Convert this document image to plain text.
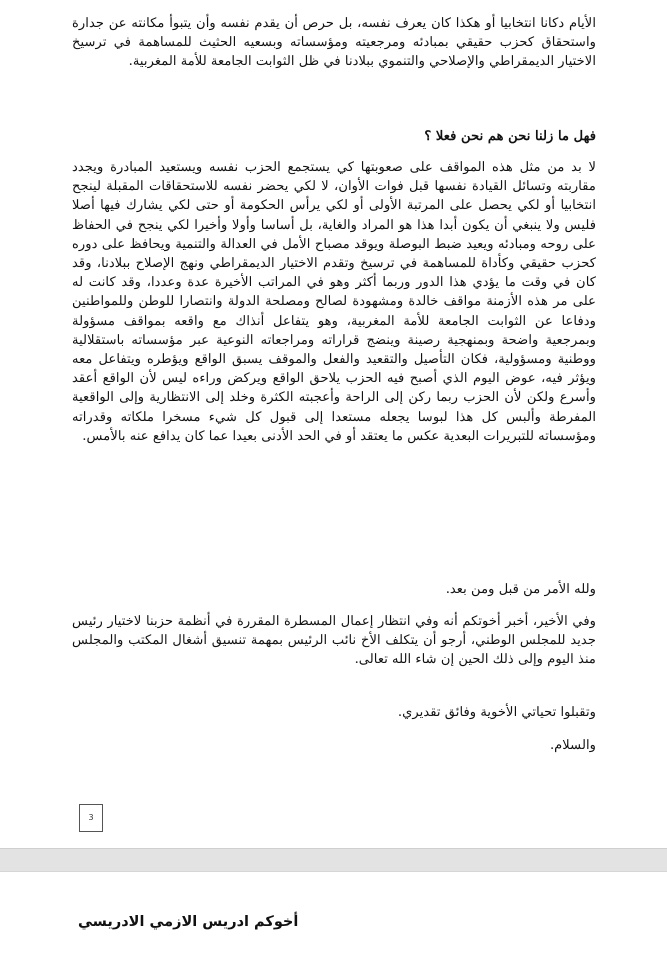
الأيام دكانا انتخابيا أو هكذا كان يعرف نفسه، بل حرص أن يقدم نفسه وأن يتبوأ مكانته عن جدارة واستحقاق كحزب حقيقي بمبادئه ومرجعيته ومؤسساته وبسعيه الحثيث للمساهمة في ترسيخ الاختيار الديمقراطي والإصلاحي والتنموي ببلادنا في ظل الثوابت الجامعة للأمة المغربية.

فهل ما زلنا نحن هم نحن فعلا ؟

لا بد من مثل هذه المواقف على صعوبتها كي يستجمع الحزب نفسه ويستعيد المبادرة ويجدد مقاربته وتسائل القيادة نفسها قبل فوات الأوان، لا لكي يحضر نفسه للاستحقاقات المقبلة لينجح انتخابيا أو لكي يحصل على المرتبة الأولى أو لكي يرأس الحكومة أو حتى لكي يشارك فيها أصلا فليس ولا ينبغي أن يكون أبدا هذا هو المراد والغاية، بل أساسا وأولا وأخيرا لكي ينجح في الحفاظ على روحه ومبادئه ويعيد ضبط البوصلة ويوقد مصباح الأمل في العدالة والتنمية ويحافظ على دوره كحزب حقيقي وكأداة للمساهمة في ترسيخ وتقدم الاختيار الديمقراطي ونهج الإصلاح ببلادنا، وقد كان في وقت ما يؤدي هذا الدور وربما أكثر وهو في المراتب الأخيرة عدة وعددا، وقد كانت له على مر هذه الأزمنة مواقف خالدة ومشهودة لصالح ومصلحة الدولة وانتصارا للوطن وللمواطنين ودفاعا عن الثوابت الجامعة للأمة المغربية، وهو يتفاعل أنذاك مع واقعه بمواقف مسؤولة وبمرجعية واضحة وبمنهجية رصينة وينضج قراراته ومراجعاته النوعية عبر مؤسساته باستقلالية ووطنية ومسؤولية، فكان التأصيل والتقعيد والفعل والموقف يسبق الواقع ويؤطره ويتفاعل معه ويؤثر فيه، عوض اليوم الذي أصبح فيه الحزب يلاحق الواقع ويركض وراءه ليس لأن الواقع أعقد وأسرع ولكن لأن الحزب ربما ركن إلى الراحة وأعجبته الكثرة وخلد إلى الانتظارية وإلى الواقعية المفرطة وألبس كل هذا لبوسا يجعله مستعدا إلى قبول كل شيء مسخرا ملكاته وقدراته ومؤسساته للتبريرات البعدية عكس ما يعتقد أو في الحد الأدنى بعيدا عما كان يدافع عنه بالأمس.

ولله الأمر من قبل ومن بعد.

وفي الأخير، أخبر أخوتكم أنه وفي انتظار إعمال المسطرة المقررة في أنظمة حزبنا لاختيار رئيس جديد للمجلس الوطني، أرجو أن يتكلف الأخ نائب الرئيس بمهمة تنسيق أشغال المكتب والمجلس منذ اليوم وإلى ذلك الحين إن شاء الله تعالى.

وتقبلوا تحياتي الأخوية وفائق تقديري.

والسلام.

3
أخوكم ادريس الازمي الادريسي
